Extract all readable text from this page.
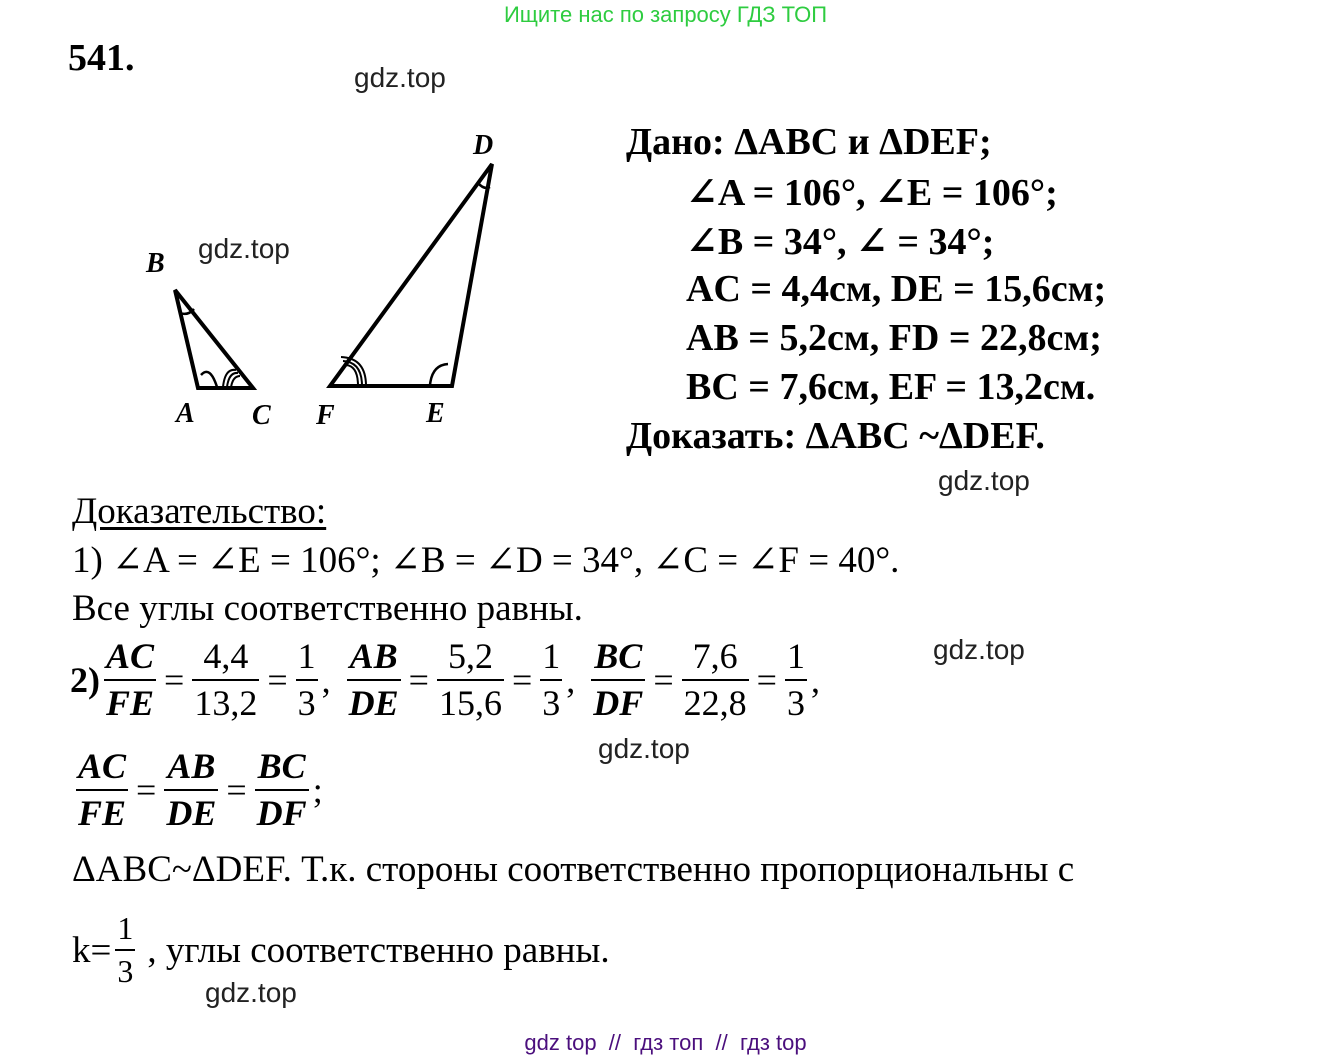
Ищите нас по запросу ГДЗ ТОП
541.	gdz.top
gdz.top
gdz.top
gdz.top
gdz.top
gdz.top
B
A C F	E
D	Дано: ΔABC и ΔDEF;
∠A = 106°, ∠E = 106°;
∠B = 34°, ∠ = 34°;
AC = 4,4см, DE = 15,6см;
AB = 5,2см, FD = 22,8см;
BC = 7,6см, EF = 13,2см.
Доказать: ΔABC ~ΔDEF.
Доказательство:
1) ∠A = ∠E = 106°; ∠B = ∠D = 34°, ∠C = ∠F = 40°.
Все углы соответственно равны.
$2) \frac{AC}{FE} = \frac{4,4}{13,2} = \frac{1}{3}$ , $\frac{AB}{DE} = \frac{5,2}{15,6} = \frac{1}{3}$ , $\frac{BC}{DF} = \frac{7,6}{22,8} = \frac{1}{3}$ ,
$\frac{AC}{FE} = \frac{AB}{DE} = \frac{BC}{DF}$ ;
ΔABC~ΔDEF. Т.к. стороны соответственно пропорциональны с
$k= \frac{1}{3}$ , углы соответственно равны.
gdz top  //  гдз топ  //  гдз top
